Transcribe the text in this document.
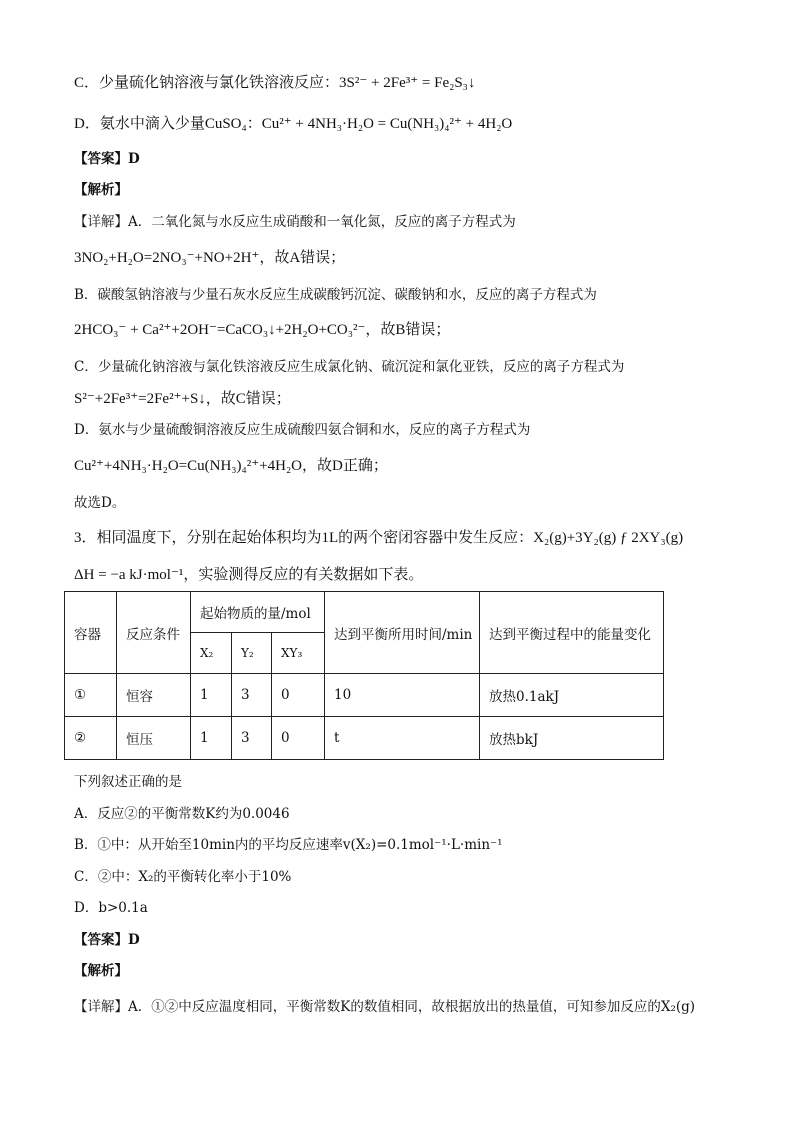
C．少量硫化钠溶液与氯化铁溶液反应：3S²⁻ + 2Fe³⁺ = Fe₂S₃↓
D．氨水中滴入少量CuSO₄：Cu²⁺ + 4NH₃·H₂O = Cu(NH₃)₄²⁺ + 4H₂O
【答案】D
【解析】
【详解】A．二氧化氮与水反应生成硝酸和一氧化氮，反应的离子方程式为
3NO₂+H₂O=2NO₃⁻+NO+2H⁺，故A错误；
B．碳酸氢钠溶液与少量石灰水反应生成碳酸钙沉淀、碳酸钠和水，反应的离子方程式为
2HCO₃⁻ + Ca²⁺+2OH⁻=CaCO₃↓+2H₂O+CO₃²⁻，故B错误；
C．少量硫化钠溶液与氯化铁溶液反应生成氯化钠、硫沉淀和氯化亚铁，反应的离子方程式为
S²⁻+2Fe³⁺=2Fe²⁺+S↓，故C错误；
D．氨水与少量硫酸铜溶液反应生成硫酸四氨合铜和水，反应的离子方程式为
Cu²⁺+4NH₃·H₂O=Cu(NH₃)₄²⁺+4H₂O，故D正确；
故选D。
3．相同温度下，分别在起始体积均为1L的两个密闭容器中发生反应：X₂(g)+3Y₂(g) ƒ 2XY₃(g)
ΔH = −a kJ·mol⁻¹，实验测得反应的有关数据如下表。
容器	反应条件	起始物质的量/mol			达到平衡所用时间/min	达到平衡过程中的能量变化
		X₂	Y₂	XY₃		
①	恒容	1	3	0	10	放热0.1akJ
②	恒压	1	3	0	t	放热bkJ
下列叙述正确的是
A．反应②的平衡常数K约为0.0046
B．①中：从开始至10min内的平均反应速率v(X₂)=0.1mol⁻¹·L·min⁻¹
C．②中：X₂的平衡转化率小于10%
D．b>0.1a
【答案】D
【解析】
【详解】A．①②中反应温度相同，平衡常数K的数值相同，故根据放出的热量值，可知参加反应的X₂(g)
